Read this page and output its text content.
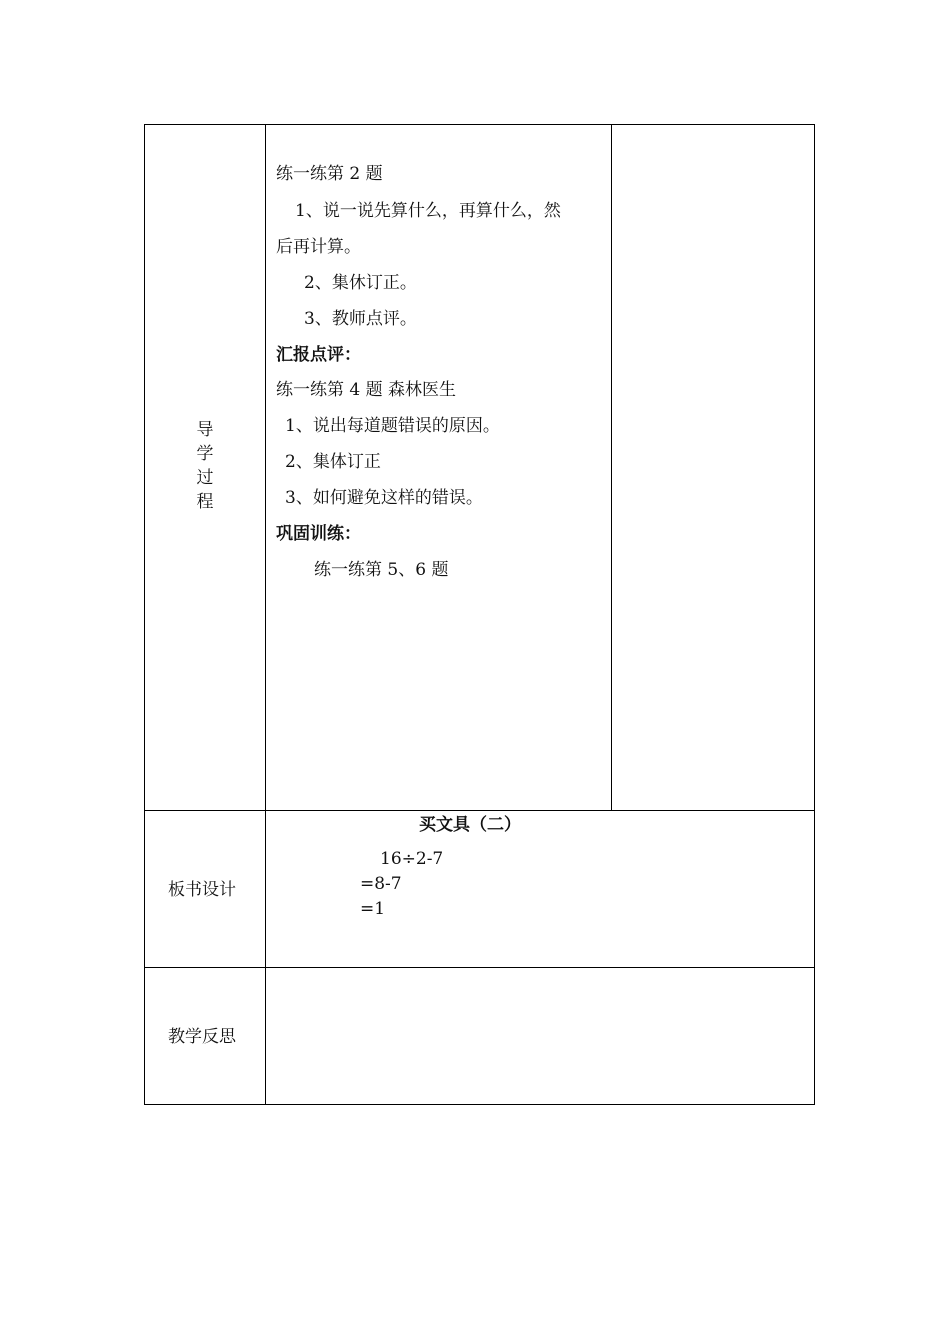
导
学
过
程
练一练第 2 题
1、说一说先算什么，再算什么，然
后再计算。
2、集休订正。
3、教师点评。
汇报点评：
练一练第 4 题 森林医生
1、说出每道题错误的原因。
2、集体订正
3、如何避免这样的错误。
巩固训练：
练一练第 5、6 题
板书设计
买文具（二）
16÷2-7
=8-7
=1
教学反思
